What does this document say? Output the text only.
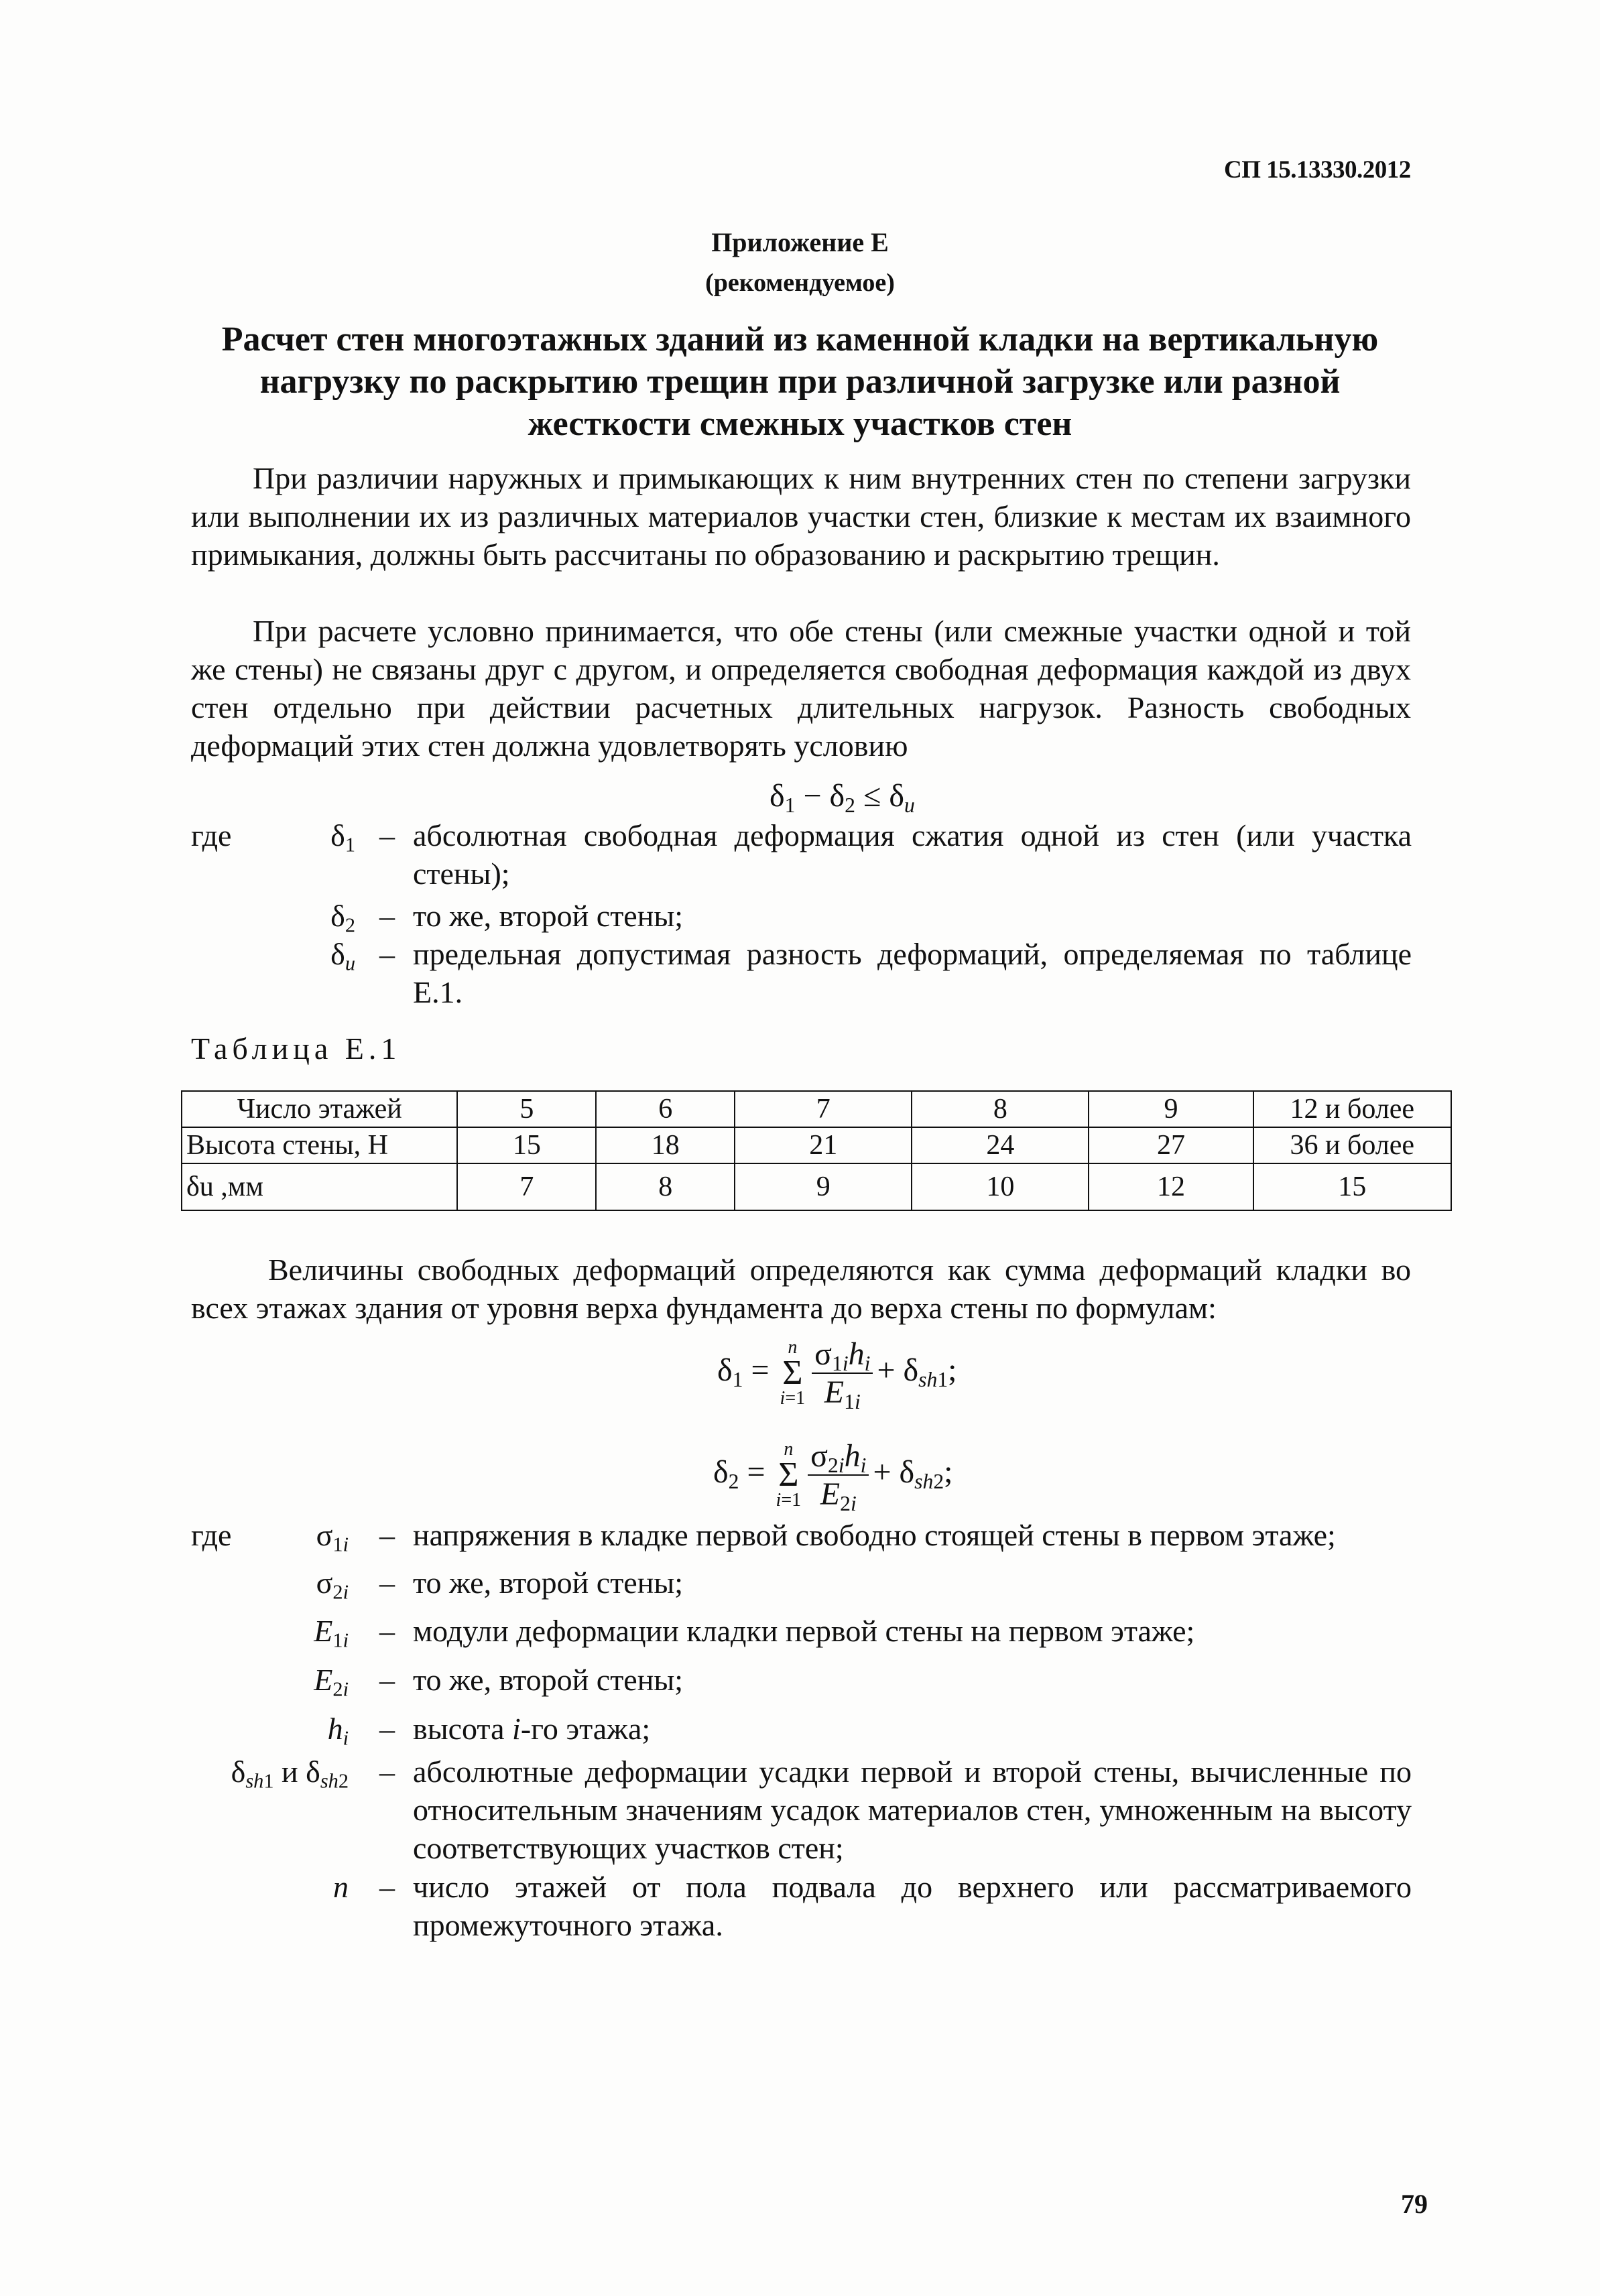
СП 15.13330.2012
Приложение Е
(рекомендуемое)
Расчет стен многоэтажных зданий из каменной кладки на вертикальную
нагрузку по раскрытию трещин при различной загрузке или разной
жесткости смежных участков стен
При различии наружных и примыкающих к ним внутренних стен по степени загрузки или выполнении их из различных материалов участки стен, близкие к местам их взаимного примыкания, должны быть рассчитаны по образованию и раскрытию трещин.
При расчете условно принимается, что обе стены (или смежные участки одной и той же стены) не связаны друг с другом, и определяется свободная деформация каждой из двух стен отдельно при действии расчетных длительных нагрузок. Разность свободных деформаций этих стен должна удовлетворять условию
$\delta_1 - \delta_2 \le \delta_u$
где	$\delta_1$ – абсолютная свободная деформация сжатия одной из стен (или участка стены);
$\delta_2$ – то же, второй стены;
$\delta_u$ – предельная допустимая разность деформаций, определяемая по таблице Е.1.
Таблица Е.1
Число этажей	5	6	7	8	9	12 и более
Высота стены, Н	15	18	21	24	27	36 и более
δu ,мм	7	8	9	10	12	15
Величины свободных деформаций определяются как сумма деформаций кладки во всех этажах здания от уровня верха фундамента до верха стены по формулам:
$\delta_1$ =
n
Σ
$i=1 \frac{\sigma_{1i}h_i}{E_{1i}} + \delta_{sh1}$;
$\delta_2$ =
n
Σ
$i=1 \frac{\sigma_{2i}h_i}{E_{2i}} + \delta_{sh2}$;
где	$\sigma_{1i}$ – напряжения в кладке первой свободно стоящей стены в первом этаже;
$\sigma_{2i}$ – то же, второй стены;
$E_{1i}$ – модули деформации кладки первой стены на первом этаже;
$E_{2i}$ – то же, второй стены;
$h_i$ – высота i-го этажа;
$\delta_{sh1}$ и $\delta_{sh2}$ – абсолютные деформации усадки первой и второй стены, вычисленные по относительным значениям усадок материалов стен, умноженным на высоту соответствующих участков стен;
n – число этажей от пола подвала до верхнего или рассматриваемого промежуточного этажа.
79
